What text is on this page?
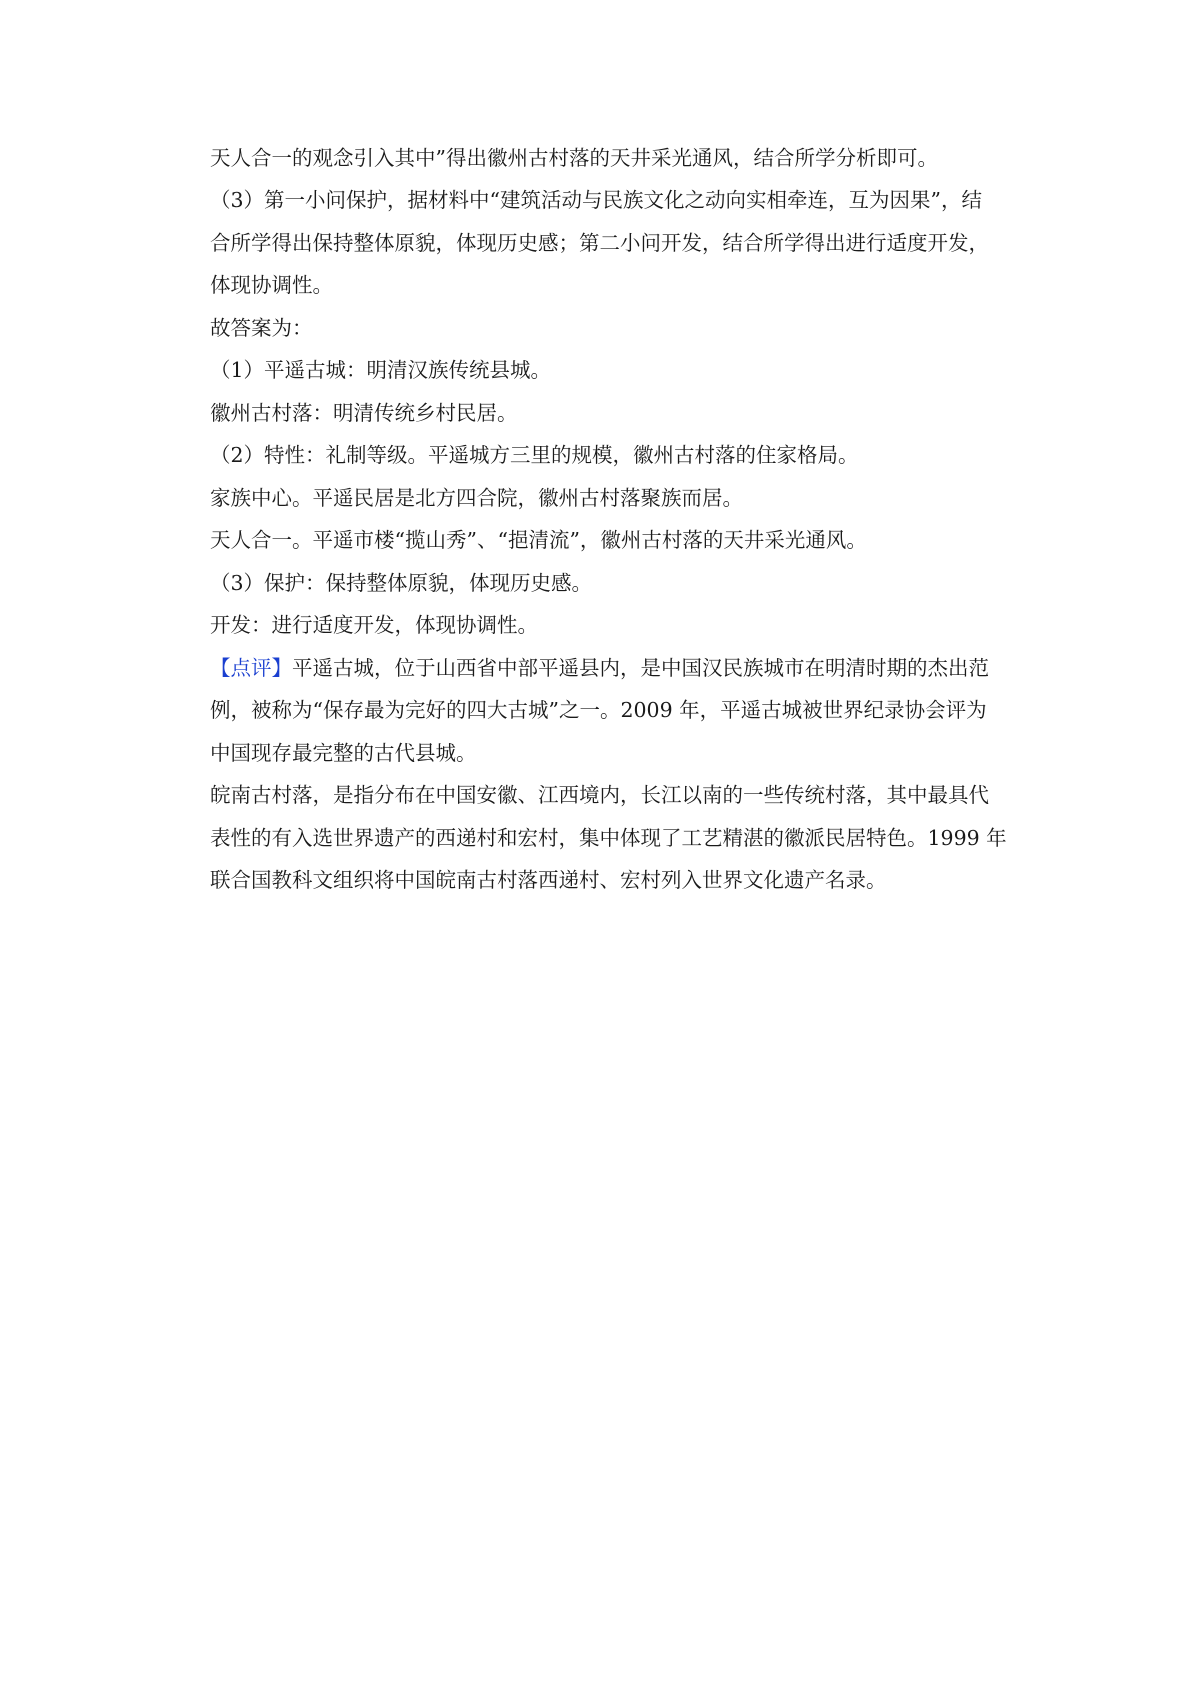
天人合一的观念引入其中”得出徽州古村落的天井采光通风，结合所学分析即可。
（3）第一小问保护，据材料中“建筑活动与民族文化之动向实相牵连，互为因果”，结
合所学得出保持整体原貌，体现历史感；第二小问开发，结合所学得出进行适度开发，
体现协调性。
故答案为：
（1）平遥古城：明清汉族传统县城。
徽州古村落：明清传统乡村民居。
（2）特性：礼制等级。平遥城方三里的规模，徽州古村落的住家格局。
家族中心。平遥民居是北方四合院，徽州古村落聚族而居。
天人合一。平遥市楼“揽山秀”、“挹清流”，徽州古村落的天井采光通风。
（3）保护：保持整体原貌，体现历史感。
开发：进行适度开发，体现协调性。
【点评】平遥古城，位于山西省中部平遥县内，是中国汉民族城市在明清时期的杰出范
例，被称为“保存最为完好的四大古城”之一。2009 年，平遥古城被世界纪录协会评为
中国现存最完整的古代县城。
皖南古村落，是指分布在中国安徽、江西境内，长江以南的一些传统村落，其中最具代
表性的有入选世界遗产的西递村和宏村，集中体现了工艺精湛的徽派民居特色。1999 年
联合国教科文组织将中国皖南古村落西递村、宏村列入世界文化遗产名录。
